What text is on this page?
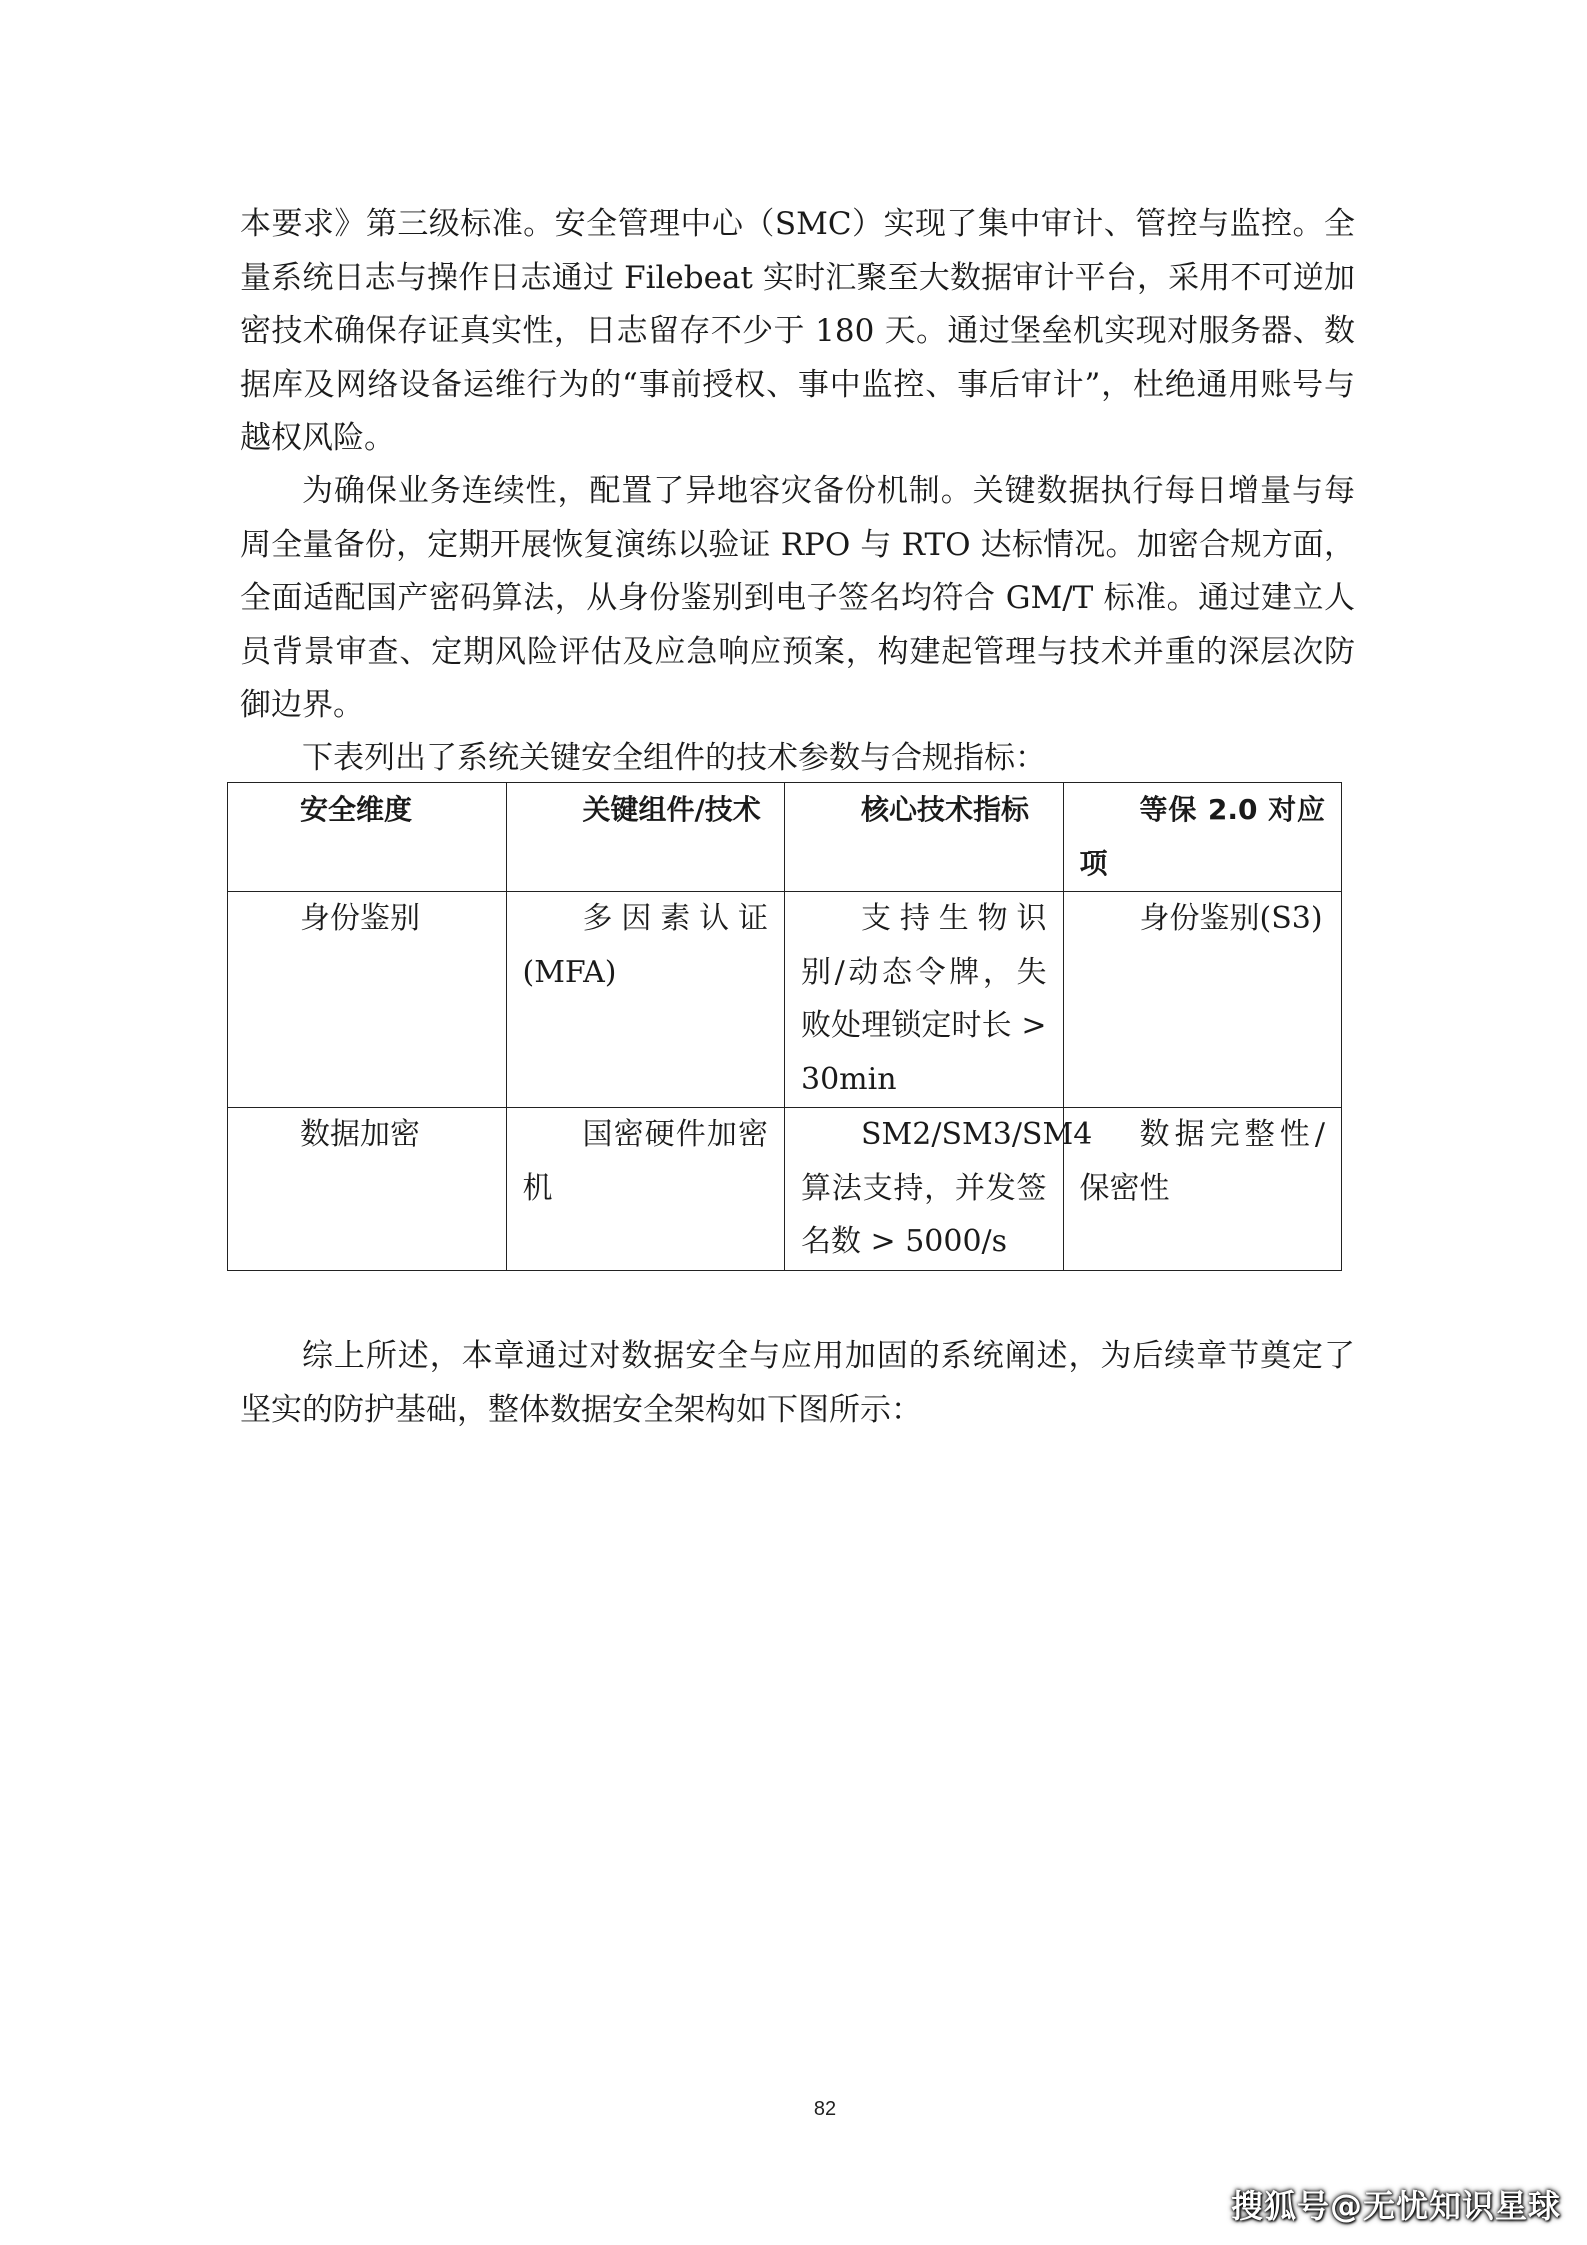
本要求》第三级标准。安全管理中心（SMC）实现了集中审计、管控与监控。全量系统日志与操作日志通过 Filebeat 实时汇聚至大数据审计平台，采用不可逆加密技术确保存证真实性，日志留存不少于 180 天。通过堡垒机实现对服务器、数据库及网络设备运维行为的“事前授权、事中监控、事后审计”，杜绝通用账号与越权风险。

为确保业务连续性，配置了异地容灾备份机制。关键数据执行每日增量与每周全量备份，定期开展恢复演练以验证 RPO 与 RTO 达标情况。加密合规方面，全面适配国产密码算法，从身份鉴别到电子签名均符合 GM/T 标准。通过建立人员背景审查、定期风险评估及应急响应预案，构建起管理与技术并重的深层次防御边界。

下表列出了系统关键安全组件的技术参数与合规指标：

安全维度	关键组件/技术	核心技术指标	等保 2.0 对应项
身份鉴别	多因素认证(MFA)	支持生物识别/动态令牌，失败处理锁定时长 > 30min	身份鉴别(S3)
数据加密	国密硬件加密机	SM2/SM3/SM4算法支持，并发签名数 > 5000/s	数据完整性/保密性

综上所述，本章通过对数据安全与应用加固的系统阐述，为后续章节奠定了坚实的防护基础，整体数据安全架构如下图所示：

82
搜狐号@无忧知识星球
